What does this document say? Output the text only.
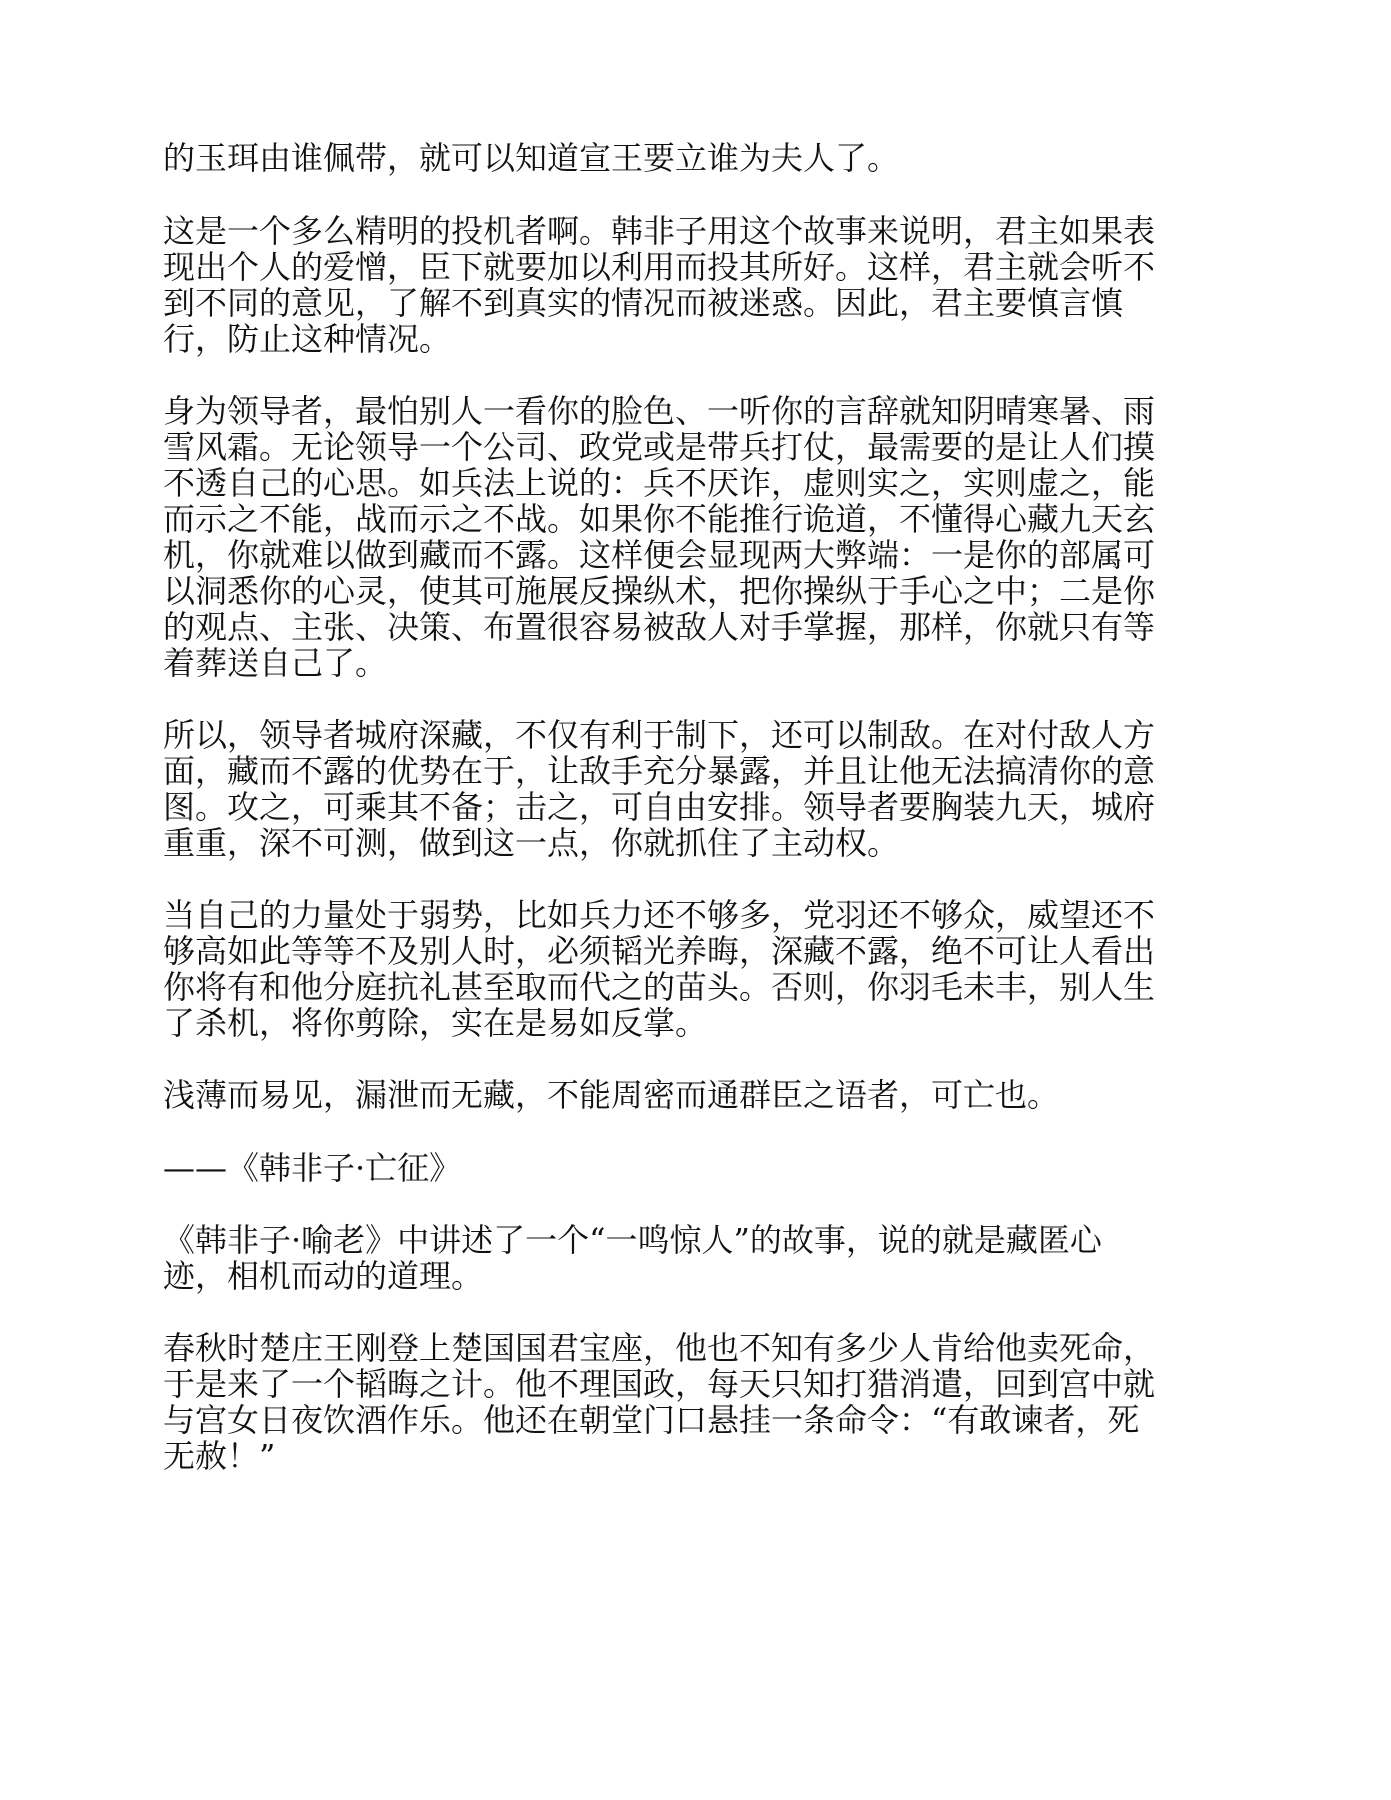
的玉珥由谁佩带，就可以知道宣王要立谁为夫人了。

这是一个多么精明的投机者啊。韩非子用这个故事来说明，君主如果表

现出个人的爱憎，臣下就要加以利用而投其所好。这样，君主就会听不

到不同的意见，了解不到真实的情况而被迷惑。因此，君主要慎言慎

行，防止这种情况。

身为领导者，最怕别人一看你的脸色、一听你的言辞就知阴晴寒暑、雨

雪风霜。无论领导一个公司、政党或是带兵打仗，最需要的是让人们摸

不透自己的心思。如兵法上说的：兵不厌诈，虚则实之，实则虚之，能

而示之不能，战而示之不战。如果你不能推行诡道，不懂得心藏九天玄

机，你就难以做到藏而不露。这样便会显现两大弊端：一是你的部属可

以洞悉你的心灵，使其可施展反操纵术，把你操纵于手心之中；二是你

的观点、主张、决策、布置很容易被敌人对手掌握，那样，你就只有等

着葬送自己了。

所以，领导者城府深藏，不仅有利于制下，还可以制敌。在对付敌人方

面，藏而不露的优势在于，让敌手充分暴露，并且让他无法搞清你的意

图。攻之，可乘其不备；击之，可自由安排。领导者要胸装九天，城府

重重，深不可测，做到这一点，你就抓住了主动权。

当自己的力量处于弱势，比如兵力还不够多，党羽还不够众，威望还不

够高如此等等不及别人时，必须韬光养晦，深藏不露，绝不可让人看出

你将有和他分庭抗礼甚至取而代之的苗头。否则，你羽毛未丰，别人生

了杀机，将你剪除，实在是易如反掌。

浅薄而易见，漏泄而无藏，不能周密而通群臣之语者，可亡也。

——《韩非子·亡征》

《韩非子·喻老》中讲述了一个“一鸣惊人”的故事，说的就是藏匿心

迹，相机而动的道理。

春秋时楚庄王刚登上楚国国君宝座，他也不知有多少人肯给他卖死命，

于是来了一个韬晦之计。他不理国政，每天只知打猎消遣，回到宫中就

与宫女日夜饮酒作乐。他还在朝堂门口悬挂一条命令：“有敢谏者，死

无赦！”
